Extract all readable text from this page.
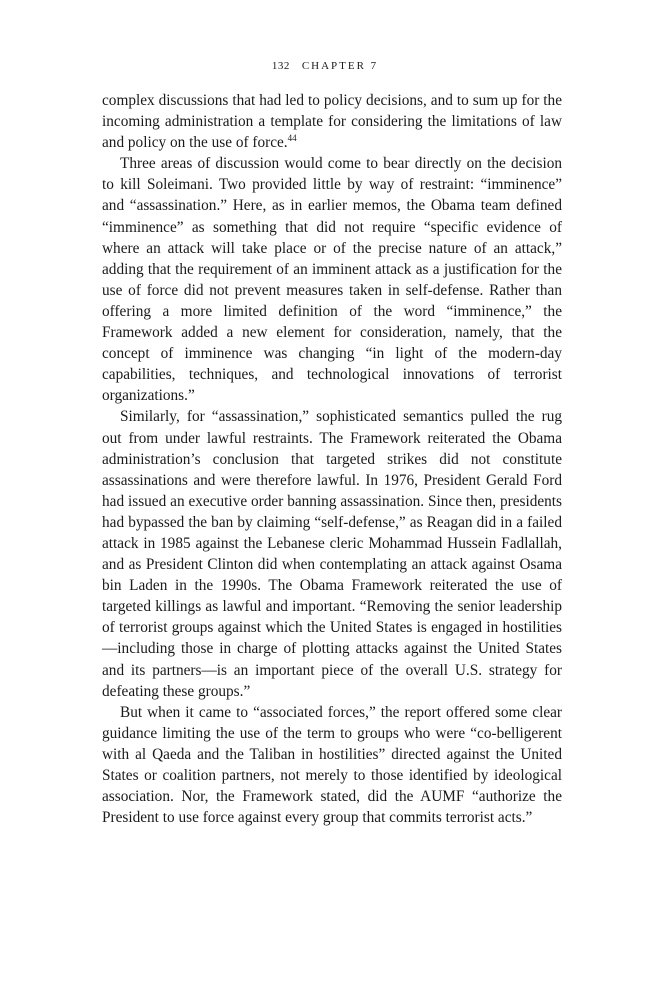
132 CHAPTER 7

complex discussions that had led to policy decisions, and to sum up for the incoming administration a template for considering the limitations of law and policy on the use of force.$^{44}$

Three areas of discussion would come to bear directly on the decision to kill Soleimani. Two provided little by way of restraint: “imminence” and “assassination.” Here, as in earlier memos, the Obama team defined “imminence” as something that did not require “specific evidence of where an attack will take place or of the precise nature of an attack,” adding that the requirement of an imminent attack as a justification for the use of force did not prevent measures taken in self-defense. Rather than offering a more limited definition of the word “imminence,” the Framework added a new element for consideration, namely, that the concept of imminence was changing “in light of the modern-day capabilities, techniques, and technological innovations of terrorist organizations.”

Similarly, for “assassination,” sophisticated semantics pulled the rug out from under lawful restraints. The Framework reiterated the Obama administration’s conclusion that targeted strikes did not constitute assassinations and were therefore lawful. In 1976, President Gerald Ford had issued an executive order banning assassination. Since then, presidents had bypassed the ban by claiming “self-defense,” as Reagan did in a failed attack in 1985 against the Lebanese cleric Mohammad Hussein Fadlallah, and as President Clinton did when contemplating an attack against Osama bin Laden in the 1990s. The Obama Framework reiterated the use of targeted killings as lawful and important. “Removing the senior leadership of terrorist groups against which the United States is engaged in hostilities—including those in charge of plotting attacks against the United States and its partners—is an important piece of the overall U.S. strategy for defeating these groups.”

But when it came to “associated forces,” the report offered some clear guidance limiting the use of the term to groups who were “co-belligerent with al Qaeda and the Taliban in hostilities” directed against the United States or coalition partners, not merely to those identified by ideological association. Nor, the Framework stated, did the AUMF “authorize the President to use force against every group that commits terrorist acts.”
